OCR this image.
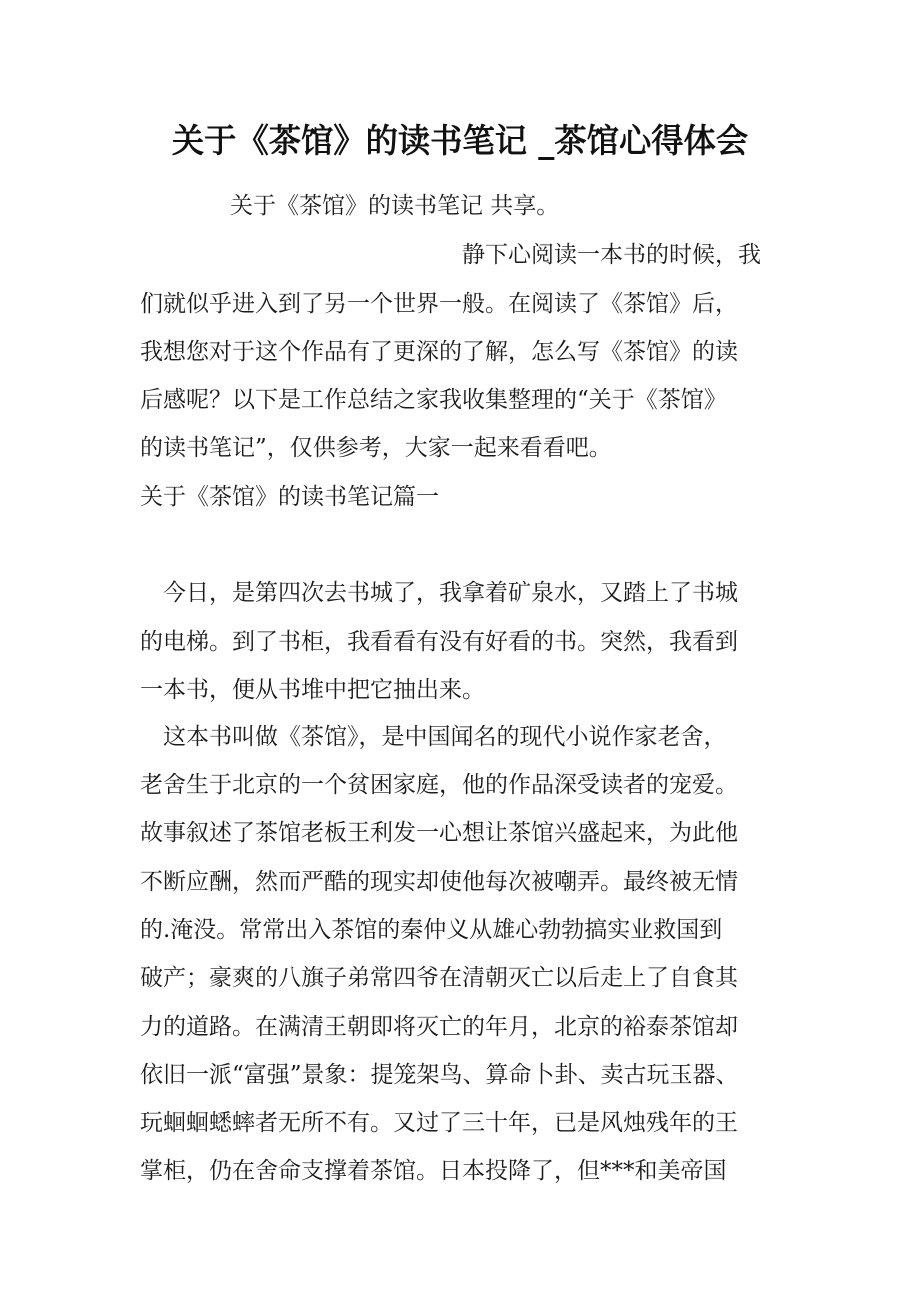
关于《茶馆》的读书笔记 _茶馆心得体会
关于《茶馆》的读书笔记 共享。
静下心阅读一本书的时候，我
们就似乎进入到了另一个世界一般。在阅读了《茶馆》后，
我想您对于这个作品有了更深的了解，怎么写《茶馆》的读
后感呢？以下是工作总结之家我收集整理的“关于《茶馆》
的读书笔记”，仅供参考，大家一起来看看吧。
关于《茶馆》的读书笔记篇一
今日，是第四次去书城了，我拿着矿泉水，又踏上了书城
的电梯。到了书柜，我看看有没有好看的书。突然，我看到
一本书，便从书堆中把它抽出来。
这本书叫做《茶馆》，是中国闻名的现代小说作家老舍，
老舍生于北京的一个贫困家庭，他的作品深受读者的宠爱。
故事叙述了茶馆老板王利发一心想让茶馆兴盛起来，为此他
不断应酬，然而严酷的现实却使他每次被嘲弄。最终被无情
的.淹没。常常出入茶馆的秦仲义从雄心勃勃搞实业救国到
破产；豪爽的八旗子弟常四爷在清朝灭亡以后走上了自食其
力的道路。在满清王朝即将灭亡的年月，北京的裕泰茶馆却
依旧一派“富强”景象：提笼架鸟、算命卜卦、卖古玩玉器、
玩蛔蛔蟋蟀者无所不有。又过了三十年，已是风烛残年的王
掌柜，仍在舍命支撑着茶馆。日本投降了，但***和美帝国
